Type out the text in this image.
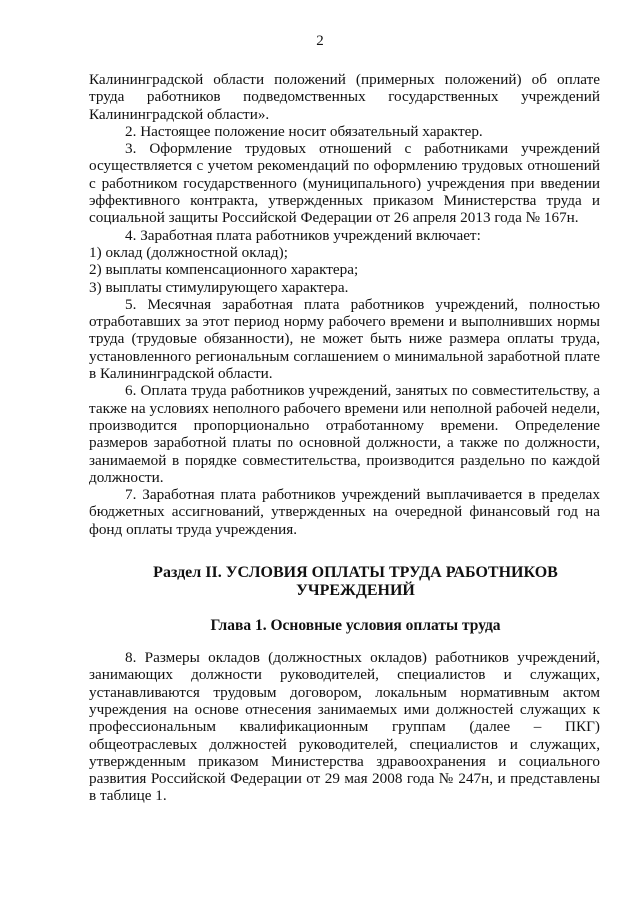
2

Калининградской области положений (примерных положений) об оплате труда работников подведомственных государственных учреждений Калининградской области».

2. Настоящее положение носит обязательный характер.

3. Оформление трудовых отношений с работниками учреждений осуществляется с учетом рекомендаций по оформлению трудовых отношений с работником государственного (муниципального) учреждения при введении эффективного контракта, утвержденных приказом Министерства труда и социальной защиты Российской Федерации от 26 апреля 2013 года № 167н.

4. Заработная плата работников учреждений включает:

1) оклад (должностной оклад);

2) выплаты компенсационного характера;

3) выплаты стимулирующего характера.

5. Месячная заработная плата работников учреждений, полностью отработавших за этот период норму рабочего времени и выполнивших нормы труда (трудовые обязанности), не может быть ниже размера оплаты труда, установленного региональным соглашением о минимальной заработной плате в Калининградской области.

6. Оплата труда работников учреждений, занятых по совместительству, а также на условиях неполного рабочего времени или неполной рабочей недели, производится пропорционально отработанному времени. Определение размеров заработной платы по основной должности, а также по должности, занимаемой в порядке совместительства, производится раздельно по каждой должности.

7. Заработная плата работников учреждений выплачивается в пределах бюджетных ассигнований, утвержденных на очередной финансовый год на фонд оплаты труда учреждения.

Раздел II. УСЛОВИЯ ОПЛАТЫ ТРУДА РАБОТНИКОВ
УЧРЕЖДЕНИЙ
Глава 1. Основные условия оплаты труда

8. Размеры окладов (должностных окладов) работников учреждений, занимающих должности руководителей, специалистов и служащих, устанавливаются трудовым договором, локальным нормативным актом учреждения на основе отнесения занимаемых ими должностей служащих к профессиональным квалификационным группам (далее – ПКГ) общеотраслевых должностей руководителей, специалистов и служащих, утвержденным приказом Министерства здравоохранения и социального развития Российской Федерации от 29 мая 2008 года № 247н, и представлены в таблице 1.
